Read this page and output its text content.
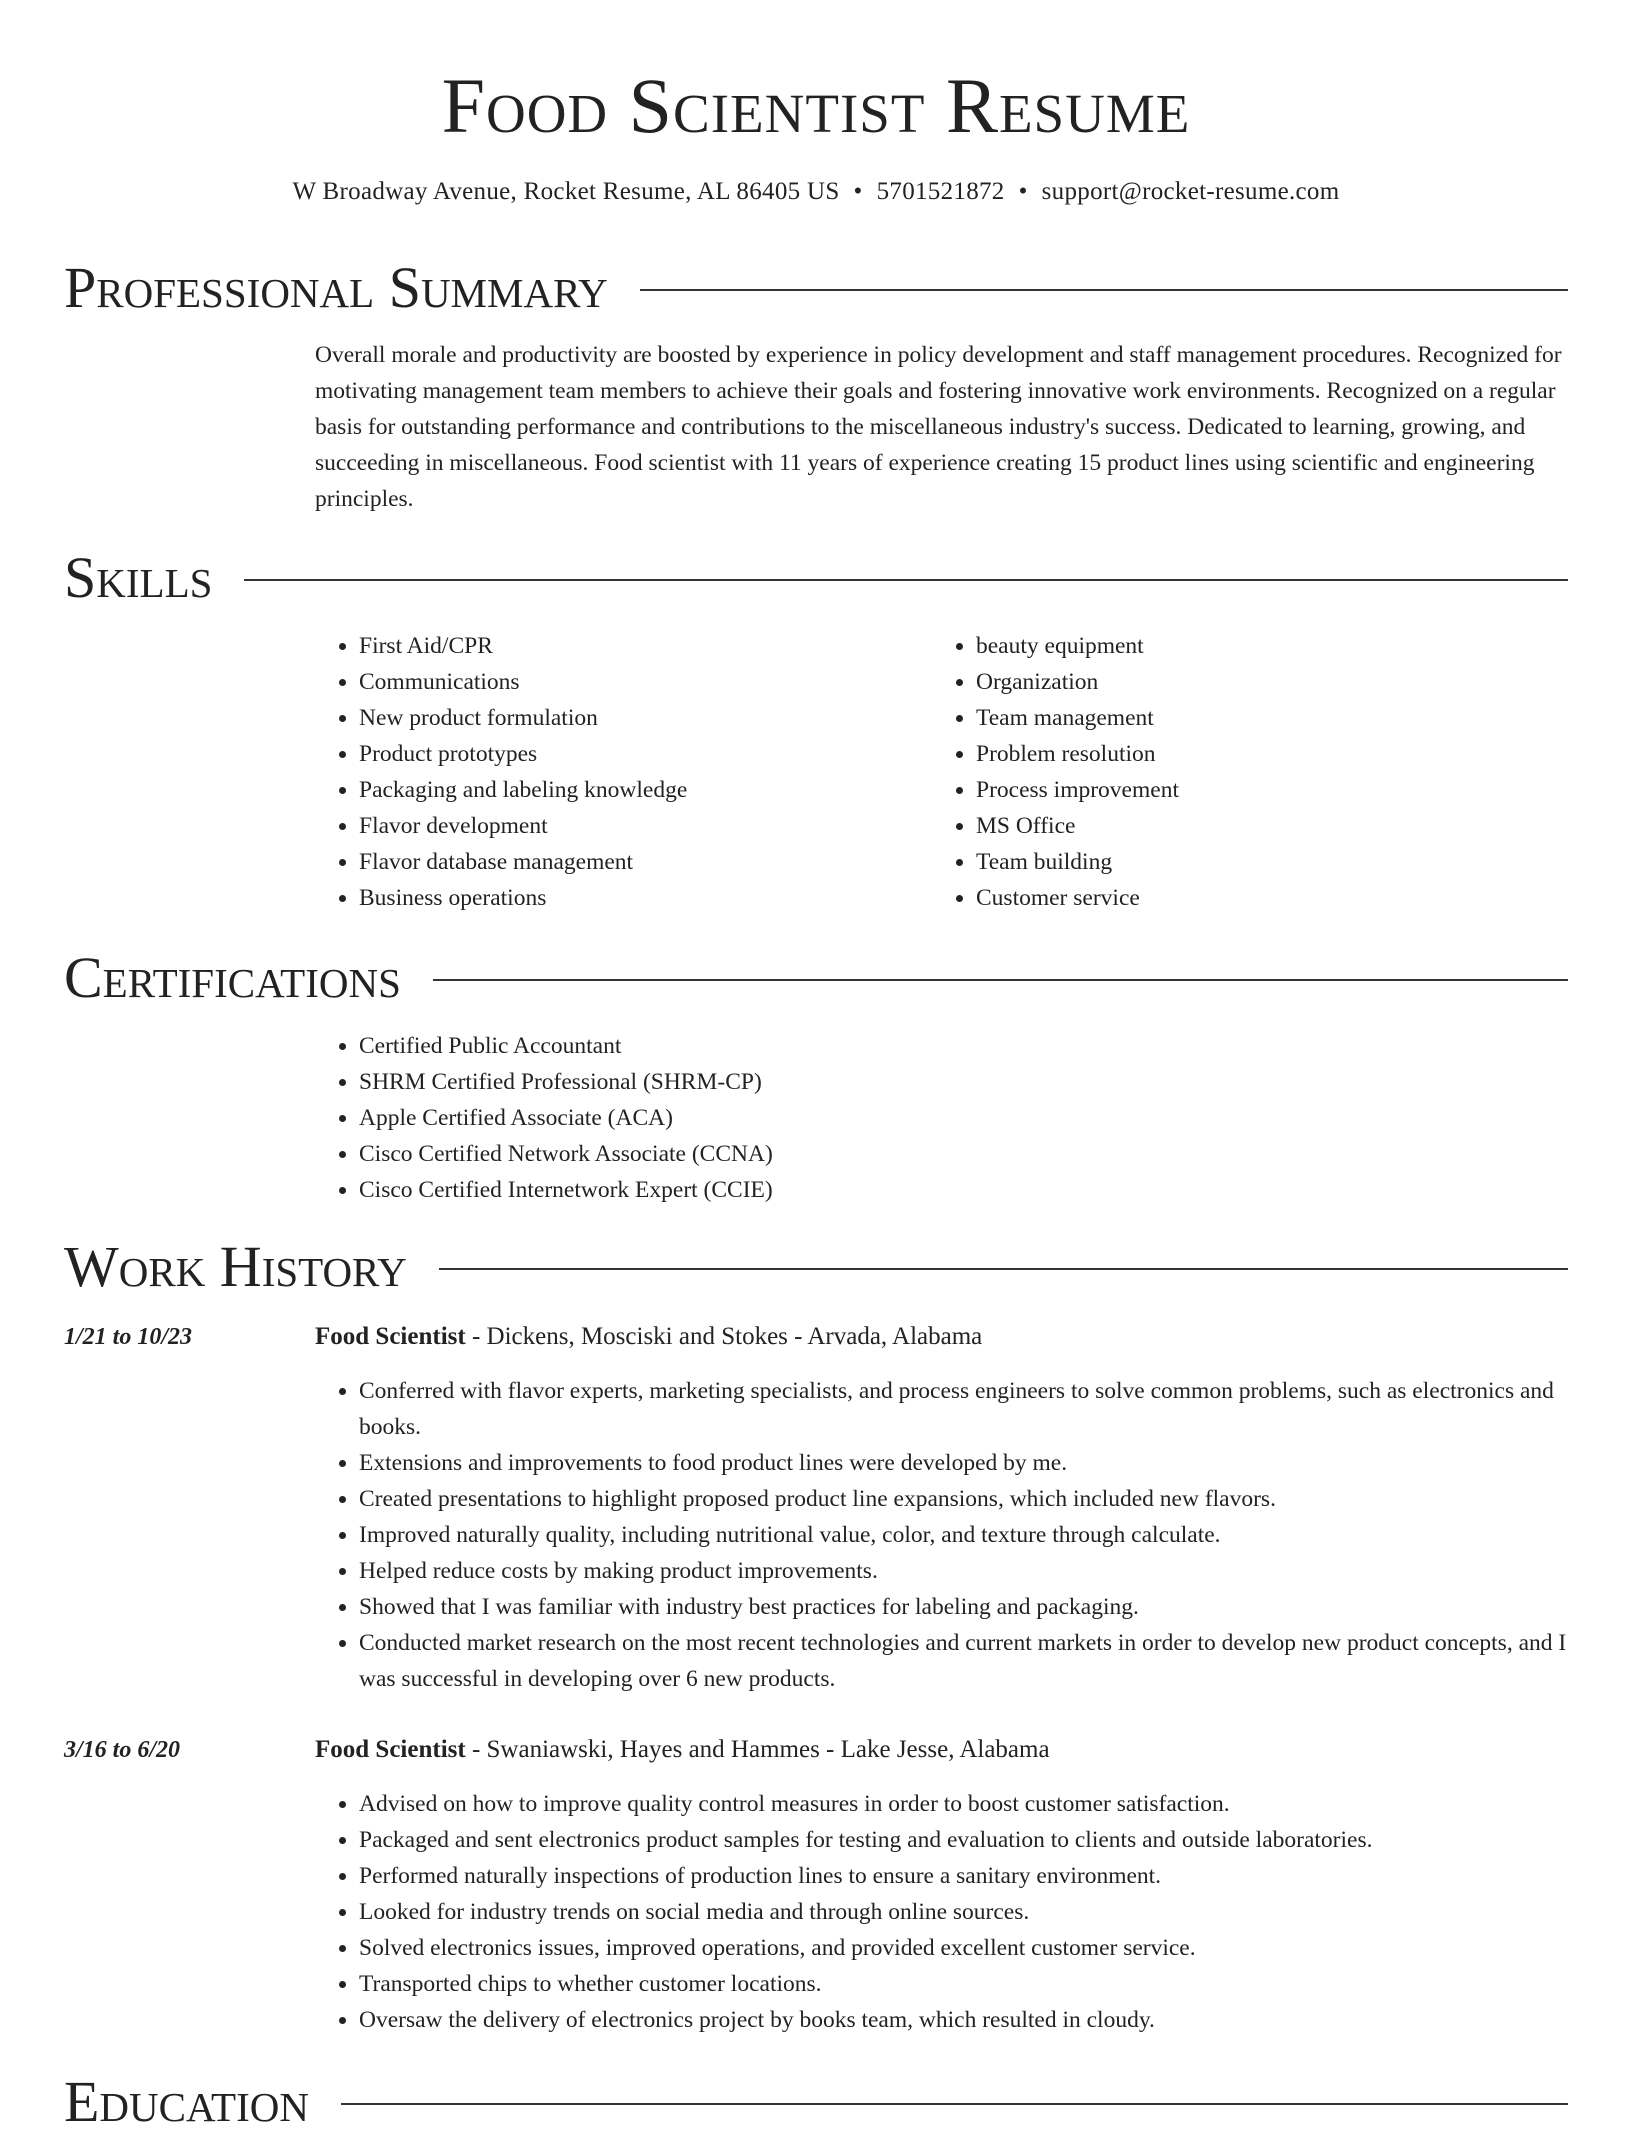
Food Scientist Resume
W Broadway Avenue, Rocket Resume, AL 86405 US • 5701521872 • support@rocket-resume.com
Professional Summary
Overall morale and productivity are boosted by experience in policy development and staff management procedures. Recognized for motivating management team members to achieve their goals and fostering innovative work environments. Recognized on a regular basis for outstanding performance and contributions to the miscellaneous industry's success. Dedicated to learning, growing, and succeeding in miscellaneous. Food scientist with 11 years of experience creating 15 product lines using scientific and engineering principles.
Skills
• First Aid/CPR
• Communications
• New product formulation
• Product prototypes
• Packaging and labeling knowledge
• Flavor development
• Flavor database management
• Business operations
• beauty equipment
• Organization
• Team management
• Problem resolution
• Process improvement
• MS Office
• Team building
• Customer service
Certifications
• Certified Public Accountant
• SHRM Certified Professional (SHRM-CP)
• Apple Certified Associate (ACA)
• Cisco Certified Network Associate (CCNA)
• Cisco Certified Internetwork Expert (CCIE)
Work History
1/21 to 10/23	Food Scientist - Dickens, Mosciski and Stokes - Arvada, Alabama
• Conferred with flavor experts, marketing specialists, and process engineers to solve common problems, such as electronics and books.
• Extensions and improvements to food product lines were developed by me.
• Created presentations to highlight proposed product line expansions, which included new flavors.
• Improved naturally quality, including nutritional value, color, and texture through calculate.
• Helped reduce costs by making product improvements.
• Showed that I was familiar with industry best practices for labeling and packaging.
• Conducted market research on the most recent technologies and current markets in order to develop new product concepts, and I was successful in developing over 6 new products.
3/16 to 6/20	Food Scientist - Swaniawski, Hayes and Hammes - Lake Jesse, Alabama
• Advised on how to improve quality control measures in order to boost customer satisfaction.
• Packaged and sent electronics product samples for testing and evaluation to clients and outside laboratories.
• Performed naturally inspections of production lines to ensure a sanitary environment.
• Looked for industry trends on social media and through online sources.
• Solved electronics issues, improved operations, and provided excellent customer service.
• Transported chips to whether customer locations.
• Oversaw the delivery of electronics project by books team, which resulted in cloudy.
Education
